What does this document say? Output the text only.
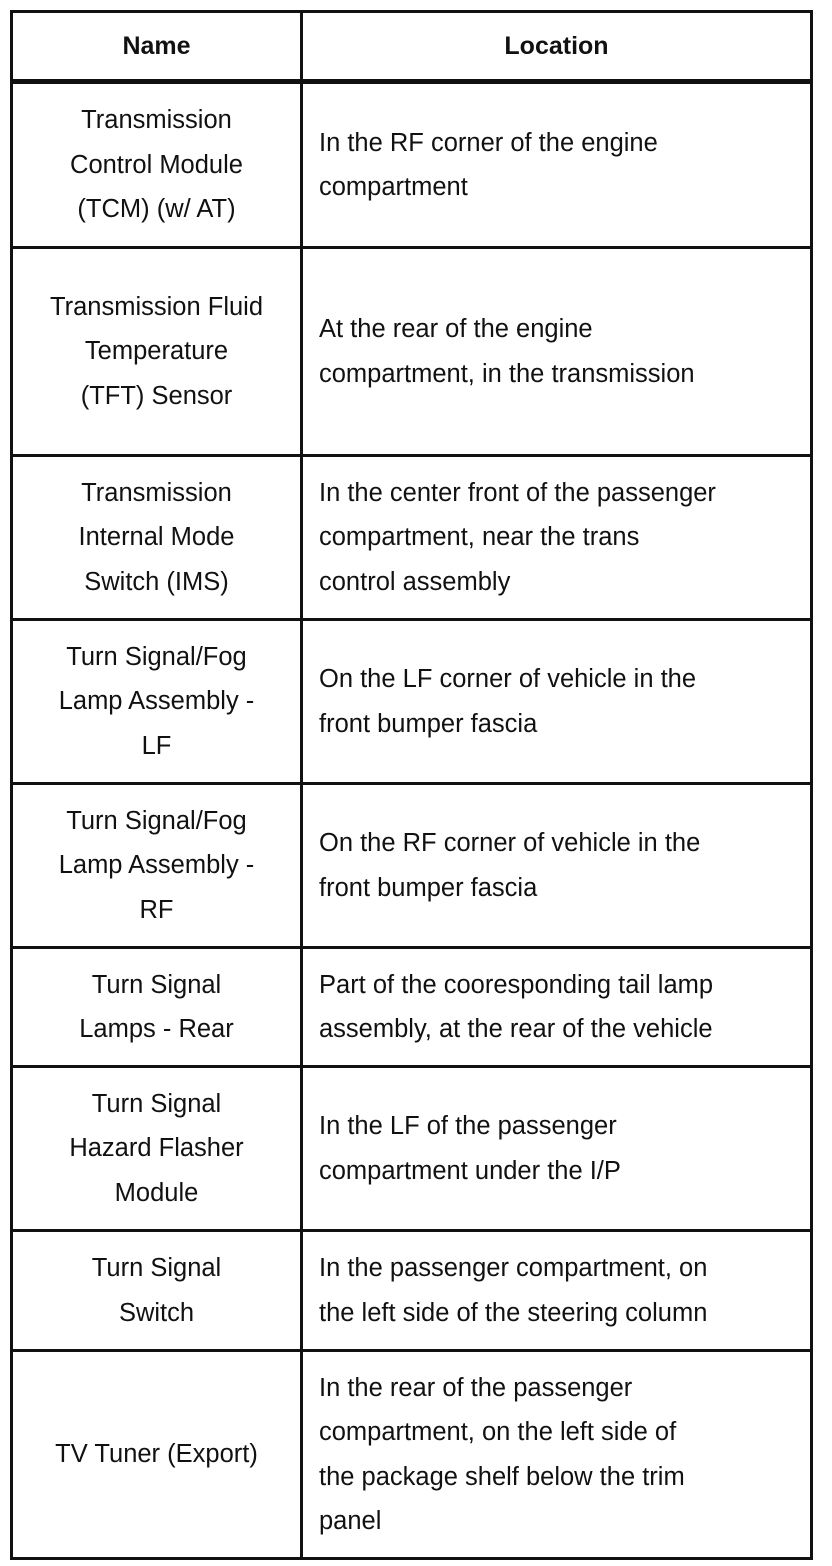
Name	Location

Transmission
Control Module
(TCM) (w/ AT)	In the RF corner of the engine
compartment

Transmission Fluid
Temperature
(TFT) Sensor	At the rear of the engine
compartment, in the transmission

Transmission
Internal Mode
Switch (IMS)	In the center front of the passenger
compartment, near the trans
control assembly

Turn Signal/Fog
Lamp Assembly -
LF	On the LF corner of vehicle in the
front bumper fascia

Turn Signal/Fog
Lamp Assembly -
RF	On the RF corner of vehicle in the
front bumper fascia

Turn Signal
Lamps - Rear	Part of the cooresponding tail lamp
assembly, at the rear of the vehicle

Turn Signal
Hazard Flasher
Module	In the LF of the passenger
compartment under the I/P

Turn Signal
Switch	In the passenger compartment, on
the left side of the steering column

TV Tuner (Export)	In the rear of the passenger
compartment, on the left side of
the package shelf below the trim
panel
